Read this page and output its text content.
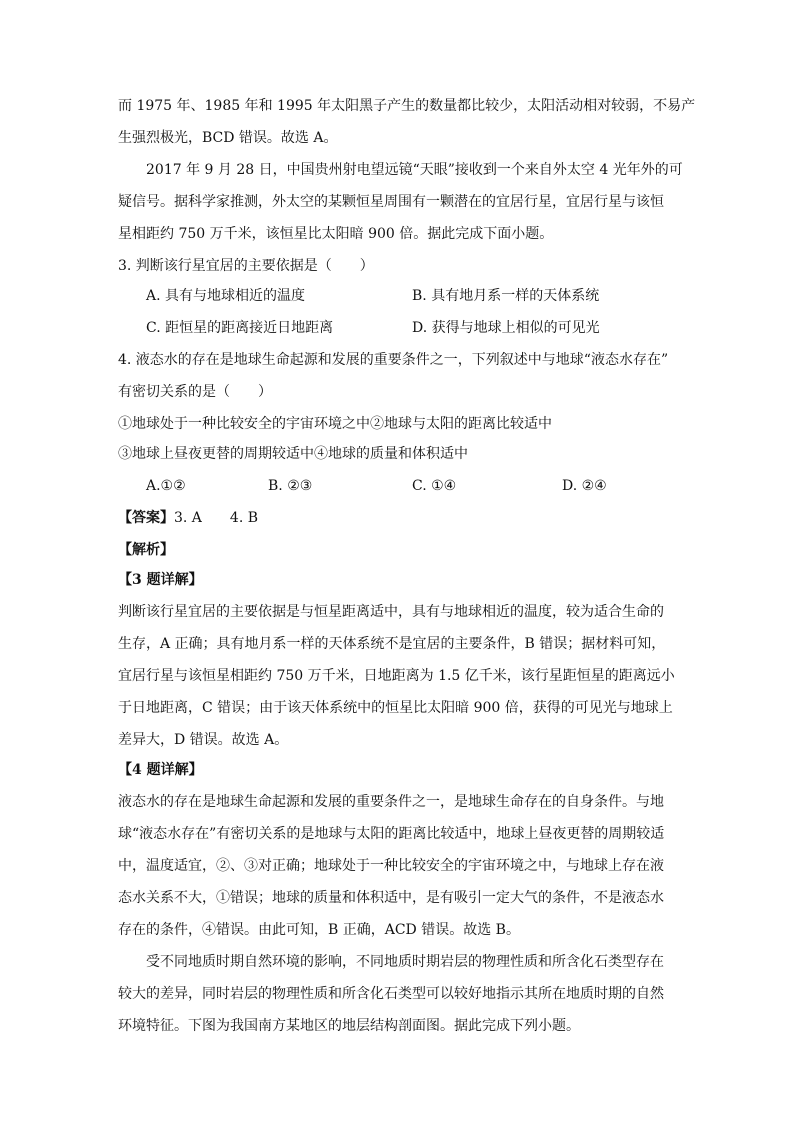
而 1975 年、1985 年和 1995 年太阳黑子产生的数量都比较少，太阳活动相对较弱，不易产
生强烈极光，BCD 错误。故选 A。
2017 年 9 月 28 日，中国贵州射电望远镜“天眼”接收到一个来自外太空 4 光年外的可
疑信号。据科学家推测，外太空的某颗恒星周围有一颗潜在的宜居行星，宜居行星与该恒
星相距约 750 万千米，该恒星比太阳暗 900 倍。据此完成下面小题。
3. 判断该行星宜居的主要依据是（　　）
A. 具有与地球相近的温度	B. 具有地月系一样的天体系统
C. 距恒星的距离接近日地距离	D. 获得与地球上相似的可见光
4. 液态水的存在是地球生命起源和发展的重要条件之一，下列叙述中与地球“液态水存在”
有密切关系的是（　　）
①地球处于一种比较安全的宇宙环境之中②地球与太阳的距离比较适中
③地球上昼夜更替的周期较适中④地球的质量和体积适中
A.①②	B. ②③	C. ①④	D. ②④
【答案】3. A　　4. B
【解析】
【3 题详解】
判断该行星宜居的主要依据是与恒星距离适中，具有与地球相近的温度，较为适合生命的
生存，A 正确；具有地月系一样的天体系统不是宜居的主要条件，B 错误；据材料可知，
宜居行星与该恒星相距约 750 万千米，日地距离为 1.5 亿千米，该行星距恒星的距离远小
于日地距离，C 错误；由于该天体系统中的恒星比太阳暗 900 倍，获得的可见光与地球上
差异大，D 错误。故选 A。
【4 题详解】
液态水的存在是地球生命起源和发展的重要条件之一，是地球生命存在的自身条件。与地
球“液态水存在”有密切关系的是地球与太阳的距离比较适中，地球上昼夜更替的周期较适
中，温度适宜，②、③对正确；地球处于一种比较安全的宇宙环境之中，与地球上存在液
态水关系不大，①错误；地球的质量和体积适中，是有吸引一定大气的条件，不是液态水
存在的条件，④错误。由此可知，B 正确，ACD 错误。故选 B。
受不同地质时期自然环境的影响，不同地质时期岩层的物理性质和所含化石类型存在
较大的差异，同时岩层的物理性质和所含化石类型可以较好地指示其所在地质时期的自然
环境特征。下图为我国南方某地区的地层结构剖面图。据此完成下列小题。
